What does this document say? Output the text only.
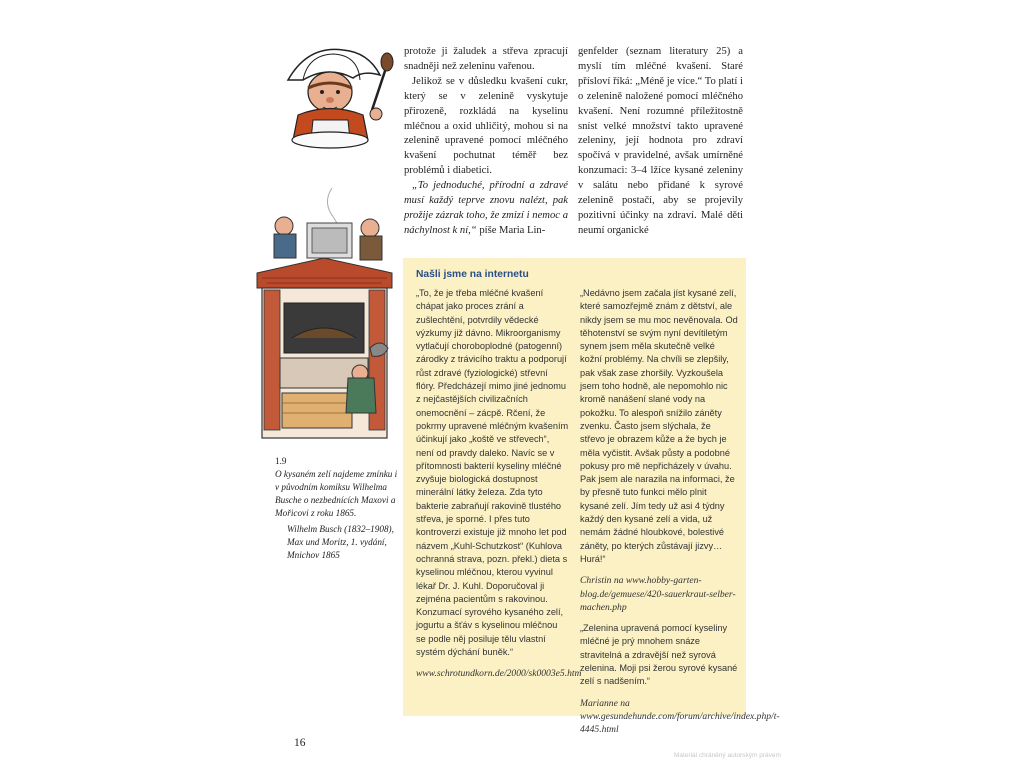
1.9
O kysaném zelí najdeme zmínku i v původním komiksu Wilhelma Busche o nezbednících Maxovi a Mořicovi z roku 1865.
Wilhelm Busch (1832–1908), Max und Moritz, 1. vydání, Mnichov 1865

protože ji žaludek a střeva zpracují snadněji než zeleninu vařenou.

Jelikož se v důsledku kvašení cukr, který se v zelenině vyskytuje přirozeně, rozkládá na kyselinu mléčnou a oxid uhličitý, mohou si na zelenině upravené pomocí mléčného kvašení pochutnat téměř bez problémů i diabetici.

„To jednoduché, přírodní a zdravé musí každý teprve znovu nalézt, pak prožije zázrak toho, že zmizí i nemoc a náchylnost k ní,“ píše Maria Lin-

genfelder (seznam literatury 25) a myslí tím mléčné kvašení. Staré přísloví říká: „Méně je více.“ To platí i o zelenině naložené pomocí mléčného kvašení. Není rozumné příležitostně sníst velké množství takto upravené zeleniny, její hodnota pro zdraví spočívá v pravidelné, avšak umírněné konzumaci: 3–4 lžíce kysané zeleniny v salátu nebo přidané k syrové zelenině postačí, aby se projevily pozitivní účinky na zdraví. Malé děti neumí organické

Našli jsme na internetu

„To, že je třeba mléčné kvašení chápat jako proces zrání a zušlechtění, potvrdily vědecké výzkumy již dávno. Mikroorganismy vytlačují choroboplodné (patogenní) zárodky z trávicího traktu a podporují růst zdravé (fyziologické) střevní flóry. Předcházejí mimo jiné jednomu z nejčastějších civilizačních onemocnění – zácpě. Rčení, že pokrmy upravené mléčným kvašením účinkují jako „koště ve střevech“, není od pravdy daleko. Navíc se v přítomnosti bakterií kyseliny mléčné zvyšuje biologická dostupnost minerální látky železa. Zda tyto bakterie zabraňují rakovině tlustého střeva, je sporné. I přes tuto kontroverzi existuje již mnoho let pod názvem „Kuhl-Schutzkost“ (Kuhlova ochranná strava, pozn. překl.) dieta s kyselinou mléčnou, kterou vyvinul lékař Dr. J. Kuhl. Doporučoval ji zejména pacientům s rakovinou. Konzumací syrového kysaného zelí, jogurtu a šťáv s kyselinou mléčnou se podle něj posiluje tělu vlastní systém dýchání buněk.“

www.schrotundkorn.de/2000/sk0003e5.htm

„Nedávno jsem začala jíst kysané zelí, které samozřejmě znám z dětství, ale nikdy jsem se mu moc nevěnovala. Od těhotenství se svým nyní devítiletým synem jsem měla skutečně velké kožní problémy. Na chvíli se zlepšily, pak však zase zhoršily. Vyzkoušela jsem toho hodně, ale nepomohlo nic kromě nanášení slané vody na pokožku. To alespoň snížilo záněty zvenku. Často jsem slýchala, že střevo je obrazem kůže a že bych je měla vyčistit. Avšak půsty a podobné pokusy pro mě nepřicházely v úvahu. Pak jsem ale narazila na informaci, že by přesně tuto funkci mělo plnit kysané zelí. Jím tedy už asi 4 týdny každý den kysané zelí a vida, už nemám žádné hloubkové, bolestivé záněty, po kterých zůstávají jizvy… Hurá!“

Christin na www.hobby-garten-blog.de/gemuese/420-sauerkraut-selber-machen.php

„Zelenina upravená pomocí kyseliny mléčné je prý mnohem snáze stravitelná a zdravější než syrová zelenina. Moji psi žerou syrové kysané zelí s nadšením.“

Marianne na www.gesundehunde.com/forum/archive/index.php/t-4445.html

16
Materiál chráněný autorským právem
